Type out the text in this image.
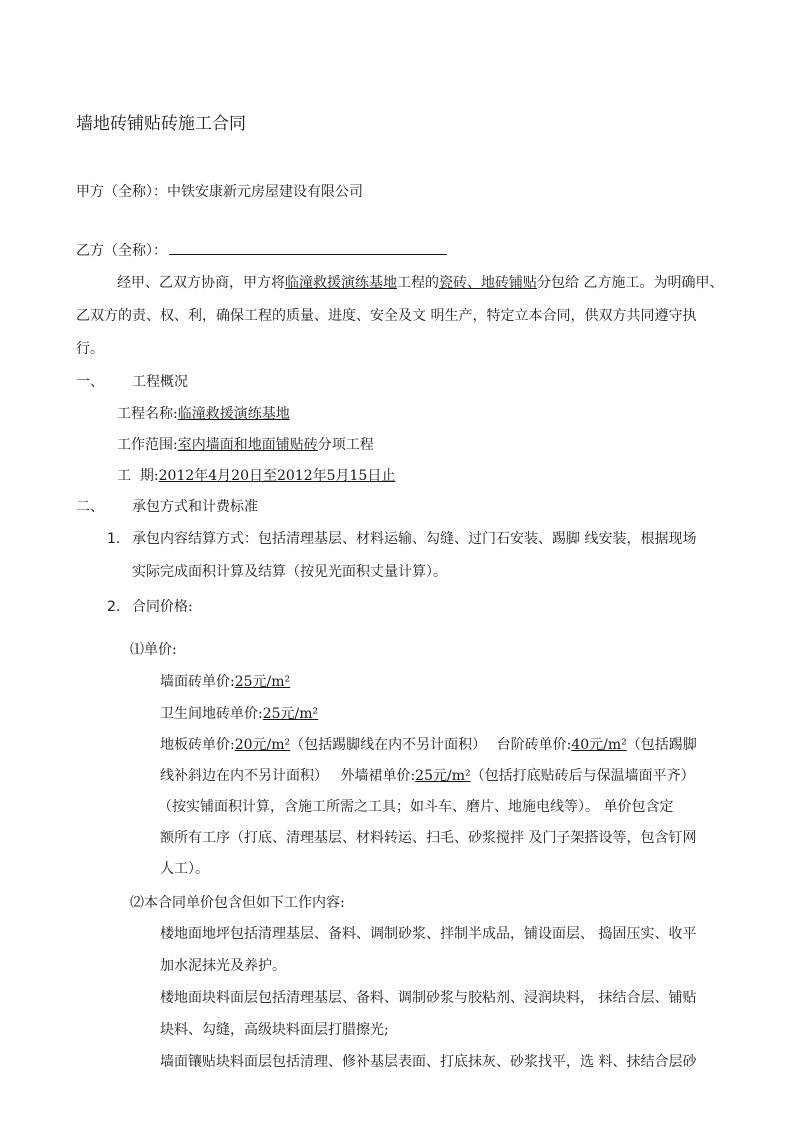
墙地砖铺贴砖施工合同
甲方（全称）：中铁安康新元房屋建设有限公司
乙方（全称）：
经甲、乙双方协商，甲方将临潼救援演练基地工程的瓷砖、地砖铺贴分包给 乙方施工。为明确甲、
乙双方的责、权、利，确保工程的质量、进度、安全及文 明生产，特定立本合同，供双方共同遵守执
行。
一、 工程概况
工程名称:临潼救援演练基地
工作范围:室内墙面和地面铺贴砖分项工程
工  期:2012年4月20日至2012年5月15日止
二、 承包方式和计费标准
1. 承包内容结算方式：包括清理基层、材料运输、勾缝、过门石安装、踢脚 线安装，根据现场
实际完成面积计算及结算（按见光面积丈量计算）。
2. 合同价格:
⑴单价:
墙面砖单价:25元/m²
卫生间地砖单价:25元/m²
地板砖单价:20元/m²（包括踢脚线在内不另计面积） 台阶砖单价:40元/m²（包括踢脚
线补斜边在内不另计面积） 外墙裙单价:25元/m²（包括打底贴砖后与保温墙面平齐）
（按实铺面积计算，含施工所需之工具；如斗车、磨片、地施电线等）。 单价包含定
额所有工序（打底、清理基层、材料转运、扫毛、砂浆搅拌 及门子架搭设等，包含钉网
人工）。
⑵本合同单价包含但如下工作内容:
楼地面地坪包括清理基层、备料、调制砂浆、拌制半成品，铺设面层、 捣固压实、收平
加水泥抹光及养护。
楼地面块料面层包括清理基层、备料、调制砂浆与胶粘剂、浸润块料， 抹结合层、铺贴
块料、勾缝，高级块料面层打腊擦光;
墙面镶贴块料面层包括清理、修补基层表面、打底抹灰、砂浆找平，选 料、抹结合层砂
